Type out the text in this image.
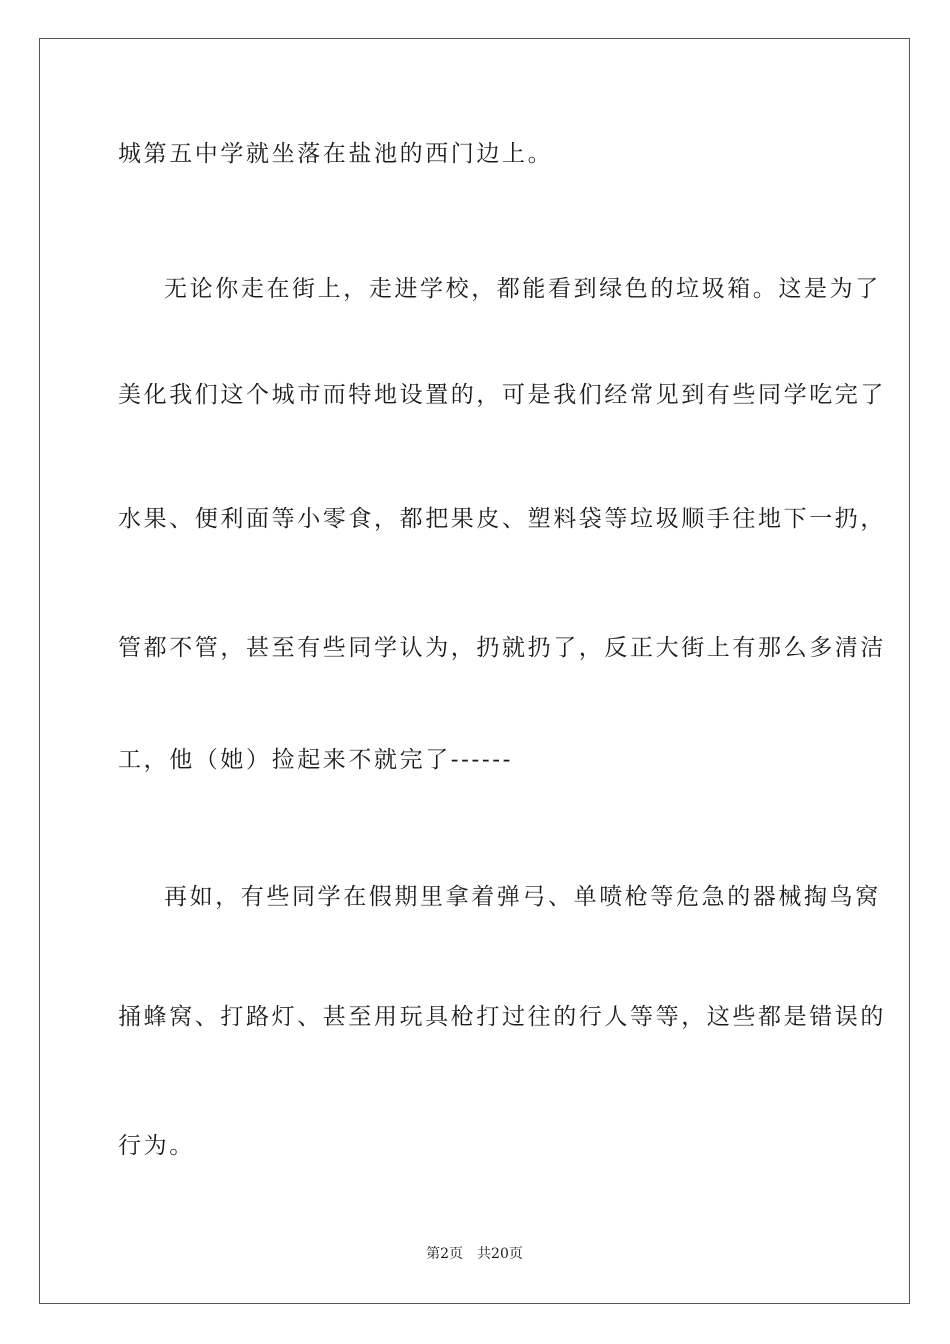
城第五中学就坐落在盐池的西门边上。
无论你走在街上，走进学校，都能看到绿色的垃圾箱。这是为了
美化我们这个城市而特地设置的，可是我们经常见到有些同学吃完了
水果、便利面等小零食，都把果皮、塑料袋等垃圾顺手往地下一扔，
管都不管，甚至有些同学认为，扔就扔了，反正大街上有那么多清洁
工，他（她）捡起来不就完了------
再如，有些同学在假期里拿着弹弓、单喷枪等危急的器械掏鸟窝
捅蜂窝、打路灯、甚至用玩具枪打过往的行人等等，这些都是错误的
行为。
第2页 共20页
